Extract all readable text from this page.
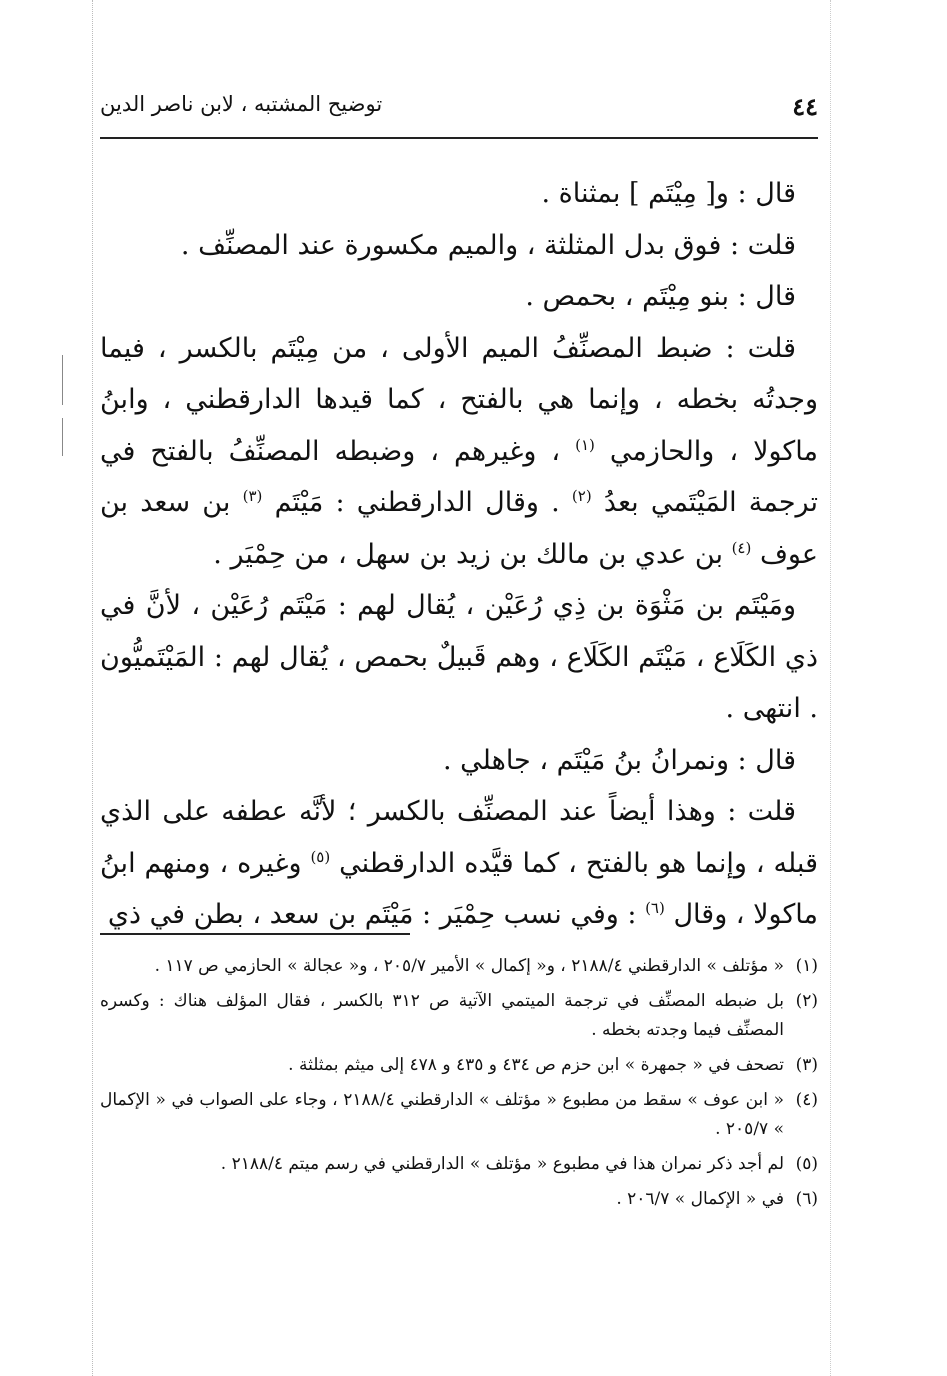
٤٤
توضيح المشتبه ، لابن ناصر الدين

قال : و[ مِيْتَم ] بمثناة .

قلت : فوق بدل المثلثة ، والميم مكسورة عند المصنِّف .

قال : بنو مِيْتَم ، بحمص .

قلت : ضبط المصنِّفُ الميم الأولى ، من مِيْتَم بالكسر ، فيما وجدتُه بخطه ، وإنما هي بالفتح ، كما قيدها الدارقطني ، وابنُ ماكولا ، والحازمي $^{(١)}$ ، وغيرهم ، وضبطه المصنِّفُ بالفتح في ترجمة المَيْتَمي بعدُ $^{(٢)}$ . وقال الدارقطني : مَيْتَم $^{(٣)}$ بن سعد بن عوف $^{(٤)}$ بن عدي بن مالك بن زيد بن سهل ، من حِمْيَر .

ومَيْتَم بن مَثْوَة بن ذِي رُعَيْن ، يُقال لهم : مَيْتَم رُعَيْن ، لأنَّ في ذي الكَلَاع ، مَيْتَم الكَلَاع ، وهم قَبيلٌ بحمص ، يُقال لهم : المَيْتَميُّون . انتهى .

قال : ونمرانُ بنُ مَيْتَم ، جاهلي .

قلت : وهذا أيضاً عند المصنِّف بالكسر ؛ لأنَّه عطفه على الذي قبله ، وإنما هو بالفتح ، كما قيَّده الدارقطني $^{(٥)}$ وغيره ، ومنهم ابنُ ماكولا ، وقال $^{(٦)}$ : وفي نسب حِمْيَر : مَيْتَم بن سعد ، بطن في ذي

(١)
« مؤتلف » الدارقطني ٢١٨٨/٤ ، و« إكمال » الأمير ٢٠٥/٧ ، و« عجالة » الحازمي ص ١١٧ .
(٢)
بل ضبطه المصنِّف في ترجمة الميتمي الآتية ص ٣١٢ بالكسر ، فقال المؤلف هناك : وكسره المصنِّف فيما وجدته بخطه .
(٣)
تصحف في « جمهرة » ابن حزم ص ٤٣٤ و ٤٣٥ و ٤٧٨ إلى ميثم بمثلثة .
(٤)
« ابن عوف » سقط من مطبوع « مؤتلف » الدارقطني ٢١٨٨/٤ ، وجاء على الصواب في « الإكمال » ٢٠٥/٧ .
(٥)
لم أجد ذكر نمران هذا في مطبوع « مؤتلف » الدارقطني في رسم ميتم ٢١٨٨/٤ .
(٦)
في « الإكمال » ٢٠٦/٧ .
